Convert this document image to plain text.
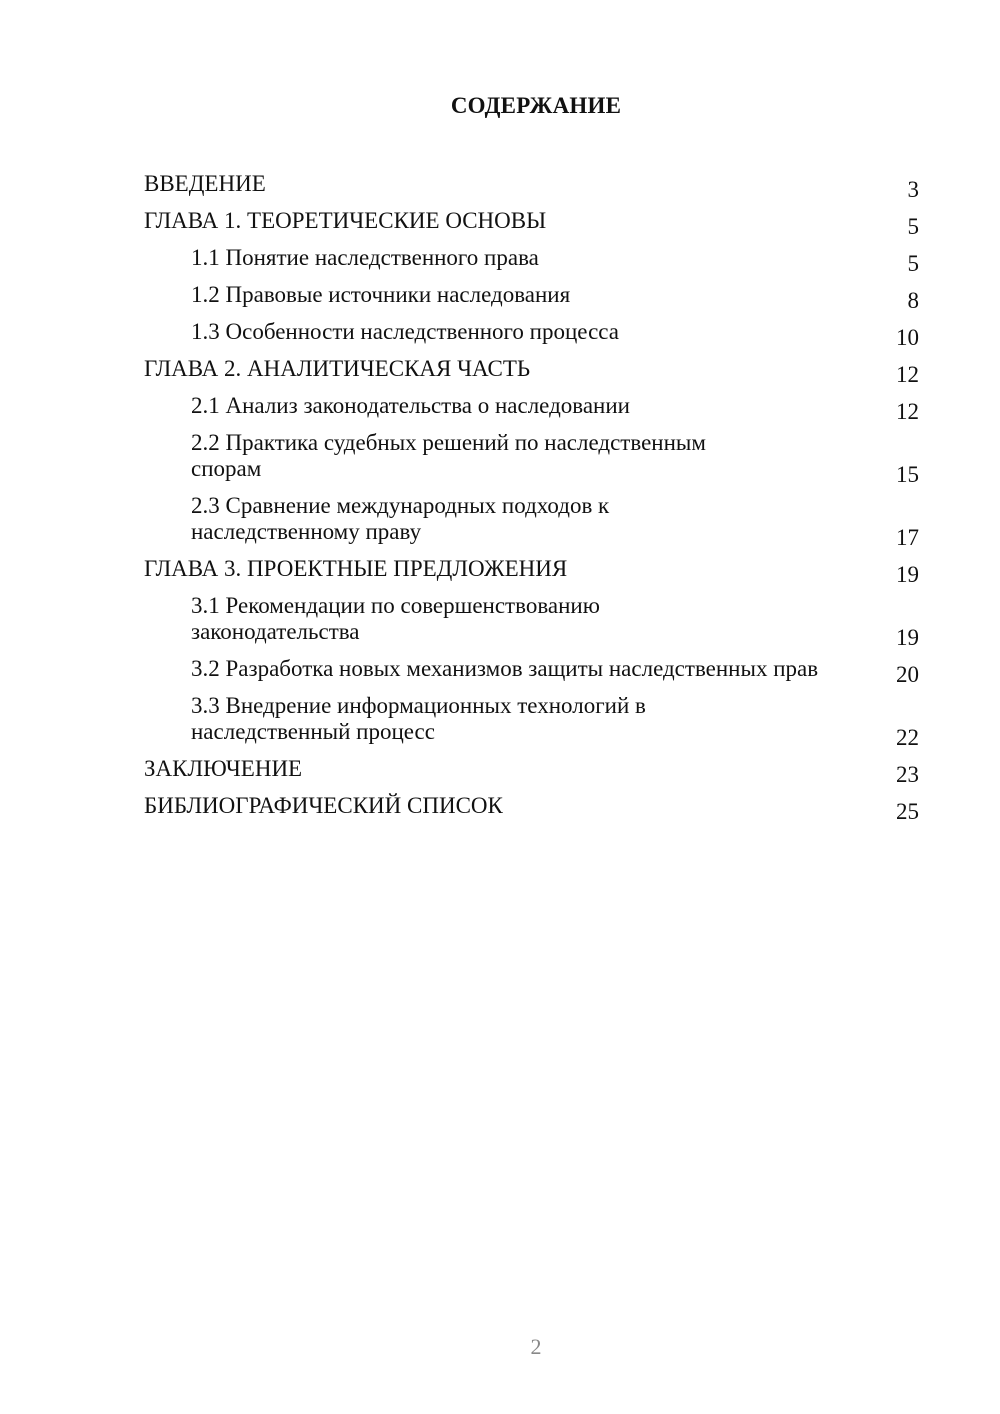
СОДЕРЖАНИЕ
ВВЕДЕНИЕ	3
ГЛАВА 1. ТЕОРЕТИЧЕСКИЕ ОСНОВЫ	5
1.1 Понятие наследственного права	5
1.2 Правовые источники наследования	8
1.3 Особенности наследственного процесса	10
ГЛАВА 2. АНАЛИТИЧЕСКАЯ ЧАСТЬ	12
2.1 Анализ законодательства о наследовании	12
2.2 Практика судебных решений по наследственным спорам	15
2.3 Сравнение международных подходов к наследственному праву	17
ГЛАВА 3. ПРОЕКТНЫЕ ПРЕДЛОЖЕНИЯ	19
3.1 Рекомендации по совершенствованию законодательства	19
3.2 Разработка новых механизмов защиты наследственных прав	20
3.3 Внедрение информационных технологий в наследственный процесс	22
ЗАКЛЮЧЕНИЕ	23
БИБЛИОГРАФИЧЕСКИЙ СПИСОК	25
2
